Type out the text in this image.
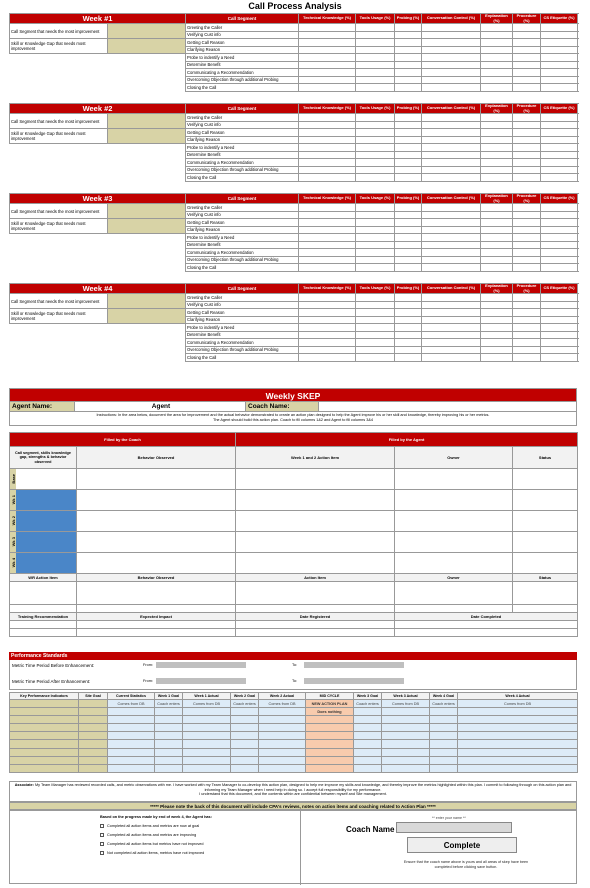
Call Process Analysis
Week #1		Call Segment	Technical Knowledge (%)	Tools Usage (%)	Probing (%)	Conversation Control (%)	Explanation (%)	Procedure (%)	CS Etiquette (%)
Call Segment that needs the most improvement		Greeting the Caller							
		Verifying Cust info							
Skill or Knowledge Gap that needs most improvement		Getting Call Reason							
		Clarifying Reason							
		Probe to indentify a Need							
		Determine Benefit							
		Communicating a Recommendation							
		Overcoming Objection through additional Probing							
		Closing the Call							
Week #2		Call Segment	Technical Knowledge (%)	Tools Usage (%)	Probing (%)	Conversation Control (%)	Explanation (%)	Procedure (%)	CS Etiquette (%)
Call Segment that needs the most improvement		Greeting the Caller							
		Verifying Cust info							
Skill or Knowledge Gap that needs most improvement		Getting Call Reason							
		Clarifying Reason							
		Probe to indentify a Need							
		Determine Benefit							
		Communicating a Recommendation							
		Overcoming Objection through additional Probing							
		Closing the Call							
Week #3		Call Segment	Technical Knowledge (%)	Tools Usage (%)	Probing (%)	Conversation Control (%)	Explanation (%)	Procedure (%)	CS Etiquette (%)
Call Segment that needs the most improvement		Greeting the Caller							
		Verifying Cust info							
Skill or Knowledge Gap that needs most improvement		Getting Call Reason							
		Clarifying Reason							
		Probe to indentify a Need							
		Determine Benefit							
		Communicating a Recommendation							
		Overcoming Objection through additional Probing							
		Closing the Call							
Week #4		Call Segment	Technical Knowledge (%)	Tools Usage (%)	Probing (%)	Conversation Control (%)	Explanation (%)	Procedure (%)	CS Etiquette (%)
Call Segment that needs the most improvement		Greeting the Caller							
		Verifying Cust info							
Skill or Knowledge Gap that needs most improvement		Getting Call Reason							
		Clarifying Reason							
		Probe to indentify a Need							
		Determine Benefit							
		Communicating a Recommendation							
		Overcoming Objection through additional Probing							
		Closing the Call							
Weekly SKEP
Agent Name:	Agent	Coach Name:
Instructions: In the area below, document the area for improvement and the actual behavior demonstrated to create an action plan designed to help the Agent improve his or her skill and knowledge, thereby improving his or her metrics.
The Agent should build this action plan. Coach to fill columns 1&2 and Agent to fill columns 3&4
Filled by the Coach		Filled by the Agent		
Call segment, skills knowledge gap, strengths & behavior observed	Behavior Observed	Week 1 and 2 Action Item	Owner	Status

Base				

Wk 1				

Wk 2				

Wk 3				

Wk 4				

WR Action Item	Behavior Observed	Action Item	Owner	Status

Training Recommendation	Expected Impact	Date Registered	Date Completed	

Performance Standards
Metric Time Period Before Enhancement:	From:	To:
Metric Time Period After Enhancement:	From:	To:
Key Performance Indicators	Site Goal	Current Statistics	Week 1 Goal	Week 1 Actual	Week 2 Goal	Week 2 Actual	MID CYCLE	Week 3 Goal	Week 3 Actual	Week 4 Goal	Week 4 Actual
		Comes from DB	Coach enters	Comes from DB	Coach enters	Comes from DB	NEW ACTION PLAN	Coach enters	Comes from DB	Coach enters	Comes from DB
							Does nothing				

Associate: My Team Manager has reviewed recorded calls, and metric observations with me. I have worked with my Team Manager to co-develop this action plan, designed to help me improve my skills and knowledge, and thereby improve the metrics highlighted within this plan. I commit to following through on this action plan and informing my Team Manager when I need help in doing so. I accept full responsibility for my performance.
I understand that this document, and the contents within are confidential between myself and Site management.
***** Please note the back of this document will include CPA's reviews, notes on action items and coaching related to Action Plan *****
Based on the progress made by end of week 4, the Agent has:
Completed all action items and metrics are now at goal
Completed all action items and metrics are improving
Completed all action items but metrics have not improved
Not completed all action items, metrics have not improved
** enter your name **
Coach Name
Complete
Ensure that the coach name above is yours and all areas of skep have been completed before clicking save button.
